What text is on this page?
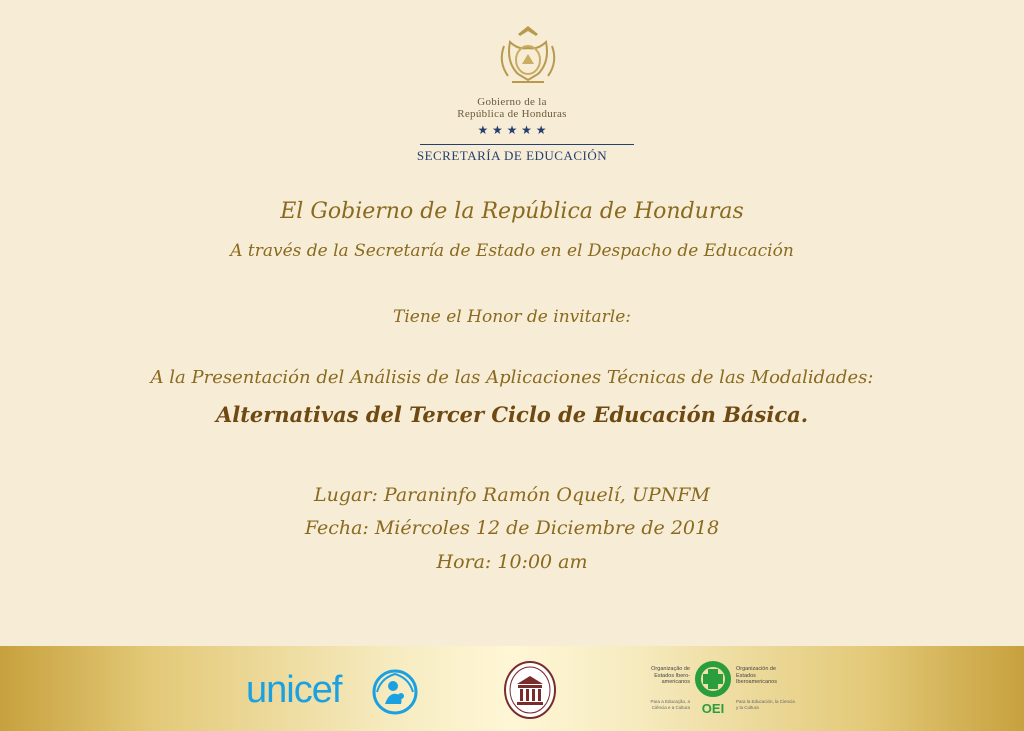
Gobierno de la
República de Honduras
★ ★ ★ ★ ★
SECRETARÍA DE EDUCACIÓN
El Gobierno de la República de Honduras
A través de la Secretaría de Estado en el Despacho de Educación
Tiene el Honor de invitarle:
A la Presentación del Análisis de las Aplicaciones Técnicas de las Modalidades:
Alternativas del Tercer Ciclo de Educación Básica.
Lugar: Paraninfo Ramón Oquelí, UPNFM
Fecha: Miércoles 12 de Diciembre de 2018
Hora: 10:00 am
unicef	Organização de Estados Ibero-americanos
Para a Educação, a Ciência e a Cultura OEI
Organización de Estados Iberoamericanos
Para la Educación, la Ciencia y la Cultura
